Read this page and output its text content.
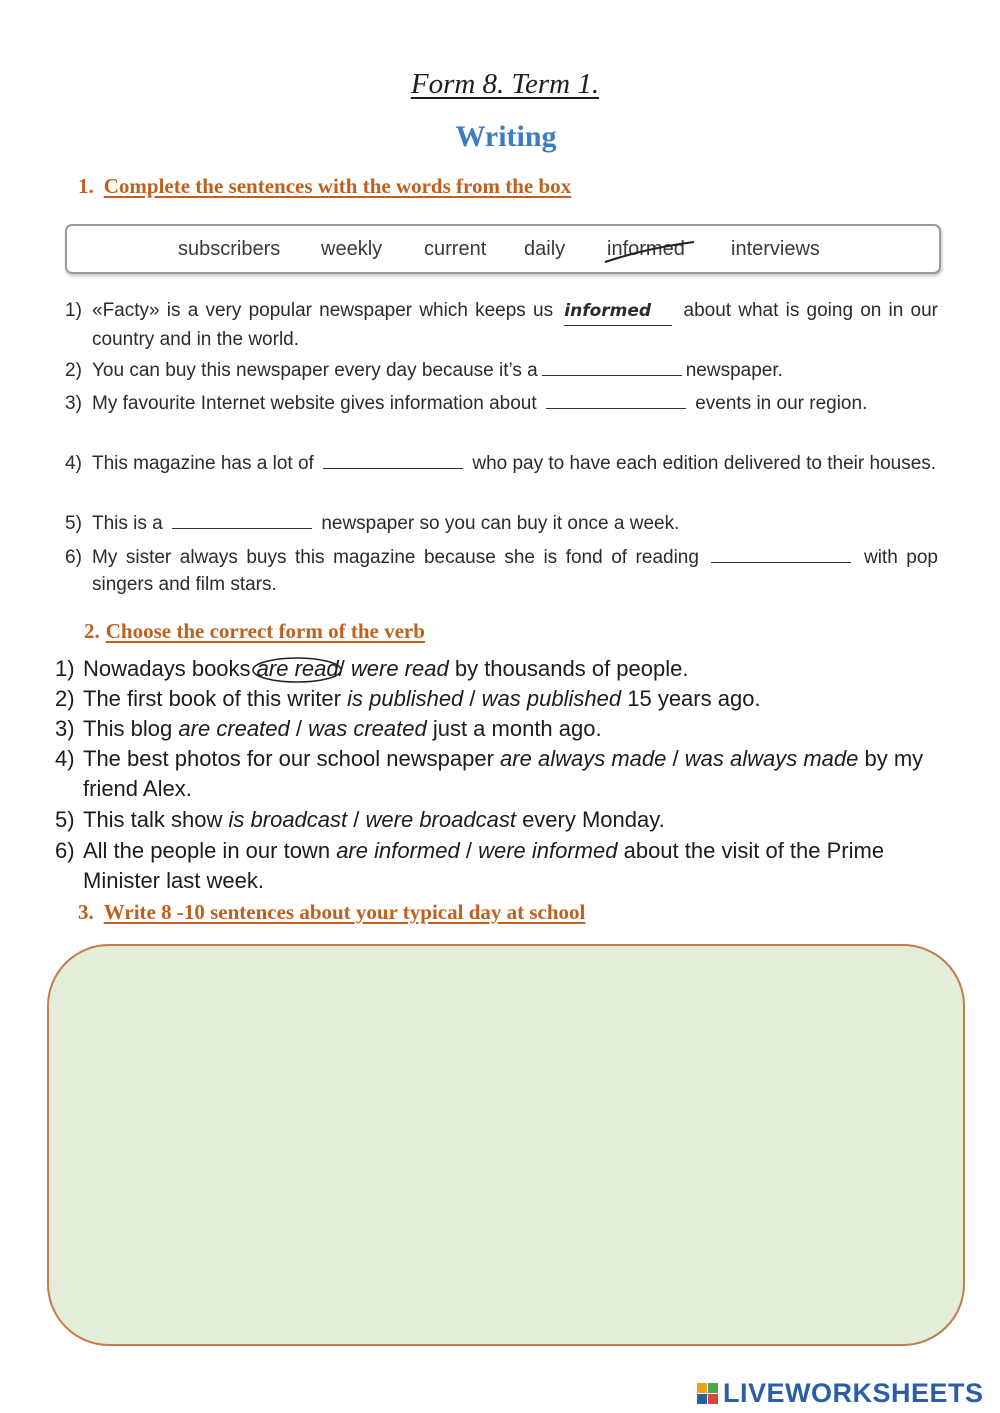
Form 8. Term 1.
Writing
1. Complete the sentences with the words from the box
subscribers weekly current daily informed interviews
1) «Facty» is a very popular newspaper which keeps us informed about what is going on in our country and in the world.
2) You can buy this newspaper every day because it’s a	newspaper.
3) My favourite Internet website gives information about	events in our region.
4) This magazine has a lot of	who pay to have each edition delivered to their houses.
5) This is a	newspaper so you can buy it once a week.
6) My sister always buys this magazine because she is fond of reading	with pop singers and film stars.
2. Choose the correct form of the verb
1) Nowadays books are read/ were read by thousands of people.
2) The first book of this writer is published / was published 15 years ago.
3) This blog are created / was created just a month ago.
4) The best photos for our school newspaper are always made / was always made by my friend Alex.
5) This talk show is broadcast / were broadcast every Monday.
6) All the people in our town are informed / were informed about the visit of the Prime Minister last week.
3. Write 8 -10 sentences about your typical day at school
LIVEWORKSHEETS
